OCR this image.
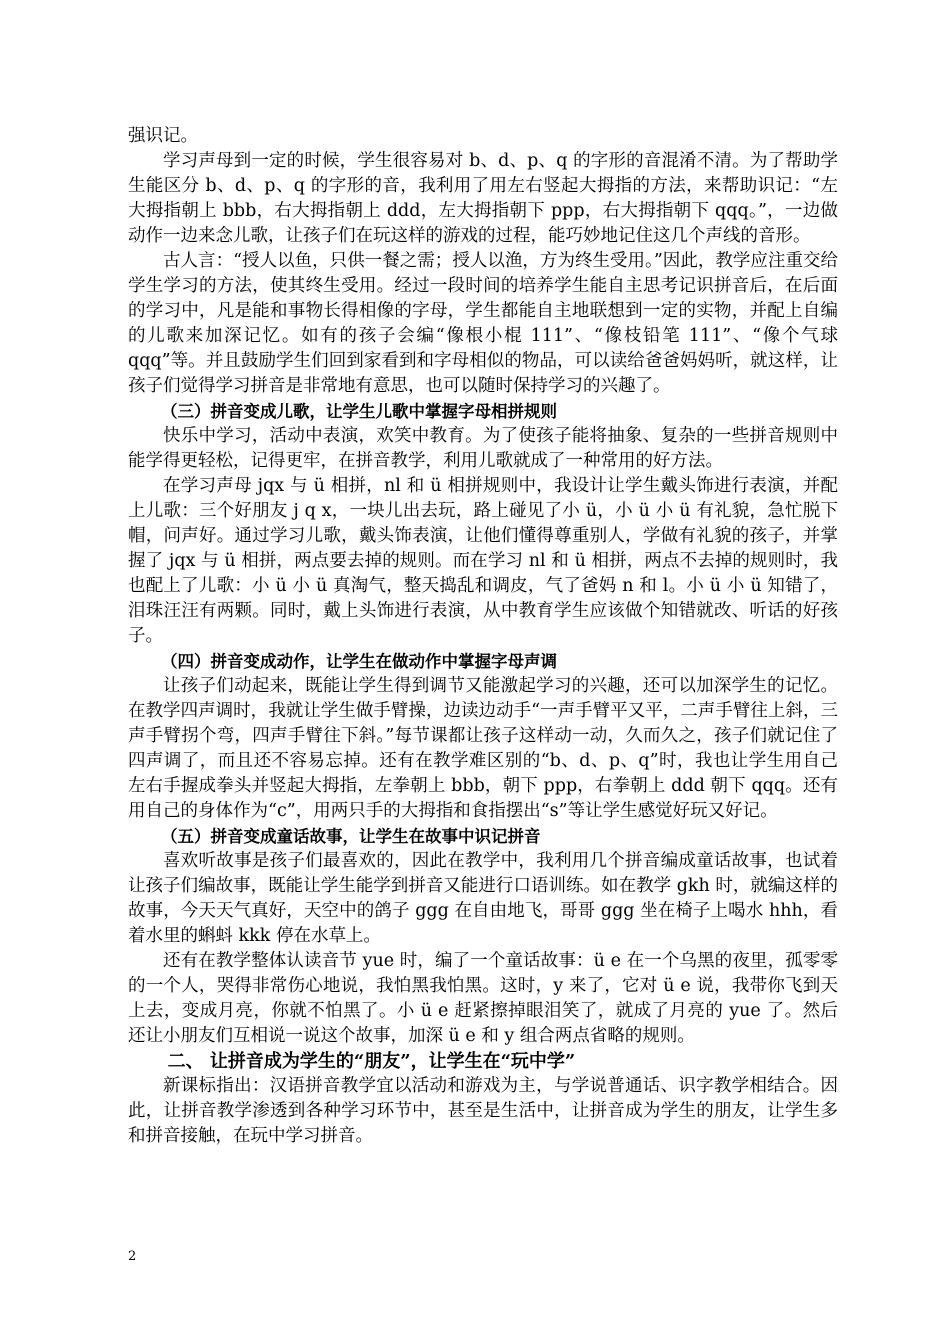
强识记。

学习声母到一定的时候，学生很容易对 b、d、p、q 的字形的音混淆不清。为了帮助学生能区分 b、d、p、q 的字形的音，我利用了用左右竖起大拇指的方法，来帮助识记：“左大拇指朝上 bbb，右大拇指朝上 ddd，左大拇指朝下 ppp，右大拇指朝下 qqq。”，一边做动作一边来念儿歌，让孩子们在玩这样的游戏的过程，能巧妙地记住这几个声线的音形。

古人言：“授人以鱼，只供一餐之需；授人以渔，方为终生受用。”因此，教学应注重交给学生学习的方法，使其终生受用。经过一段时间的培养学生能自主思考记识拼音后，在后面的学习中，凡是能和事物长得相像的字母，学生都能自主地联想到一定的实物，并配上自编的儿歌来加深记忆。如有的孩子会编“像根小棍 111”、“像枝铅笔 111”、“像个气球 qqq”等。并且鼓励学生们回到家看到和字母相似的物品，可以读给爸爸妈妈听，就这样，让孩子们觉得学习拼音是非常地有意思，也可以随时保持学习的兴趣了。

（三）拼音变成儿歌，让学生儿歌中掌握字母相拼规则

快乐中学习，活动中表演，欢笑中教育。为了使孩子能将抽象、复杂的一些拼音规则中能学得更轻松，记得更牢，在拼音教学，利用儿歌就成了一种常用的好方法。

在学习声母 jqx 与 ü 相拼，nl 和 ü 相拼规则中，我设计让学生戴头饰进行表演，并配上儿歌：三个好朋友 j q x，一块儿出去玩，路上碰见了小 ü，小 ü 小 ü 有礼貌，急忙脱下帽，问声好。通过学习儿歌，戴头饰表演，让他们懂得尊重别人，学做有礼貌的孩子，并掌握了 jqx 与 ü 相拼，两点要去掉的规则。而在学习 nl 和 ü 相拼，两点不去掉的规则时，我也配上了儿歌：小 ü 小 ü 真淘气，整天捣乱和调皮，气了爸妈 n 和 l。小 ü 小 ü 知错了，泪珠汪汪有两颗。同时，戴上头饰进行表演，从中教育学生应该做个知错就改、听话的好孩子。

（四）拼音变成动作，让学生在做动作中掌握字母声调

让孩子们动起来，既能让学生得到调节又能激起学习的兴趣，还可以加深学生的记忆。在教学四声调时，我就让学生做手臂操，边读边动手“一声手臂平又平，二声手臂往上斜，三声手臂拐个弯，四声手臂往下斜。”每节课都让孩子这样动一动，久而久之，孩子们就记住了四声调了，而且还不容易忘掉。还有在教学难区别的“b、d、p、q”时，我也让学生用自己左右手握成拳头并竖起大拇指，左拳朝上 bbb，朝下 ppp，右拳朝上 ddd 朝下 qqq。还有用自己的身体作为“c”，用两只手的大拇指和食指摆出“s”等让学生感觉好玩又好记。

（五）拼音变成童话故事，让学生在故事中识记拼音

喜欢听故事是孩子们最喜欢的，因此在教学中，我利用几个拼音编成童话故事，也试着让孩子们编故事，既能让学生能学到拼音又能进行口语训练。如在教学 gkh 时，就编这样的故事，今天天气真好，天空中的鸽子 ggg 在自由地飞，哥哥 ggg 坐在椅子上喝水 hhh，看着水里的蝌蚪 kkk 停在水草上。

还有在教学整体认读音节 yue 时，编了一个童话故事：ü e 在一个乌黑的夜里，孤零零的一个人，哭得非常伤心地说，我怕黑我怕黑。这时，y 来了，它对 ü e 说，我带你飞到天上去，变成月亮，你就不怕黑了。小 ü e 赶紧擦掉眼泪笑了，就成了月亮的 yue 了。然后还让小朋友们互相说一说这个故事，加深 ü e 和 y 组合两点省略的规则。

二、 让拼音成为学生的“朋友”，让学生在“玩中学”

新课标指出：汉语拼音教学宜以活动和游戏为主，与学说普通话、识字教学相结合。因此，让拼音教学渗透到各种学习环节中，甚至是生活中，让拼音成为学生的朋友，让学生多和拼音接触，在玩中学习拼音。

2
